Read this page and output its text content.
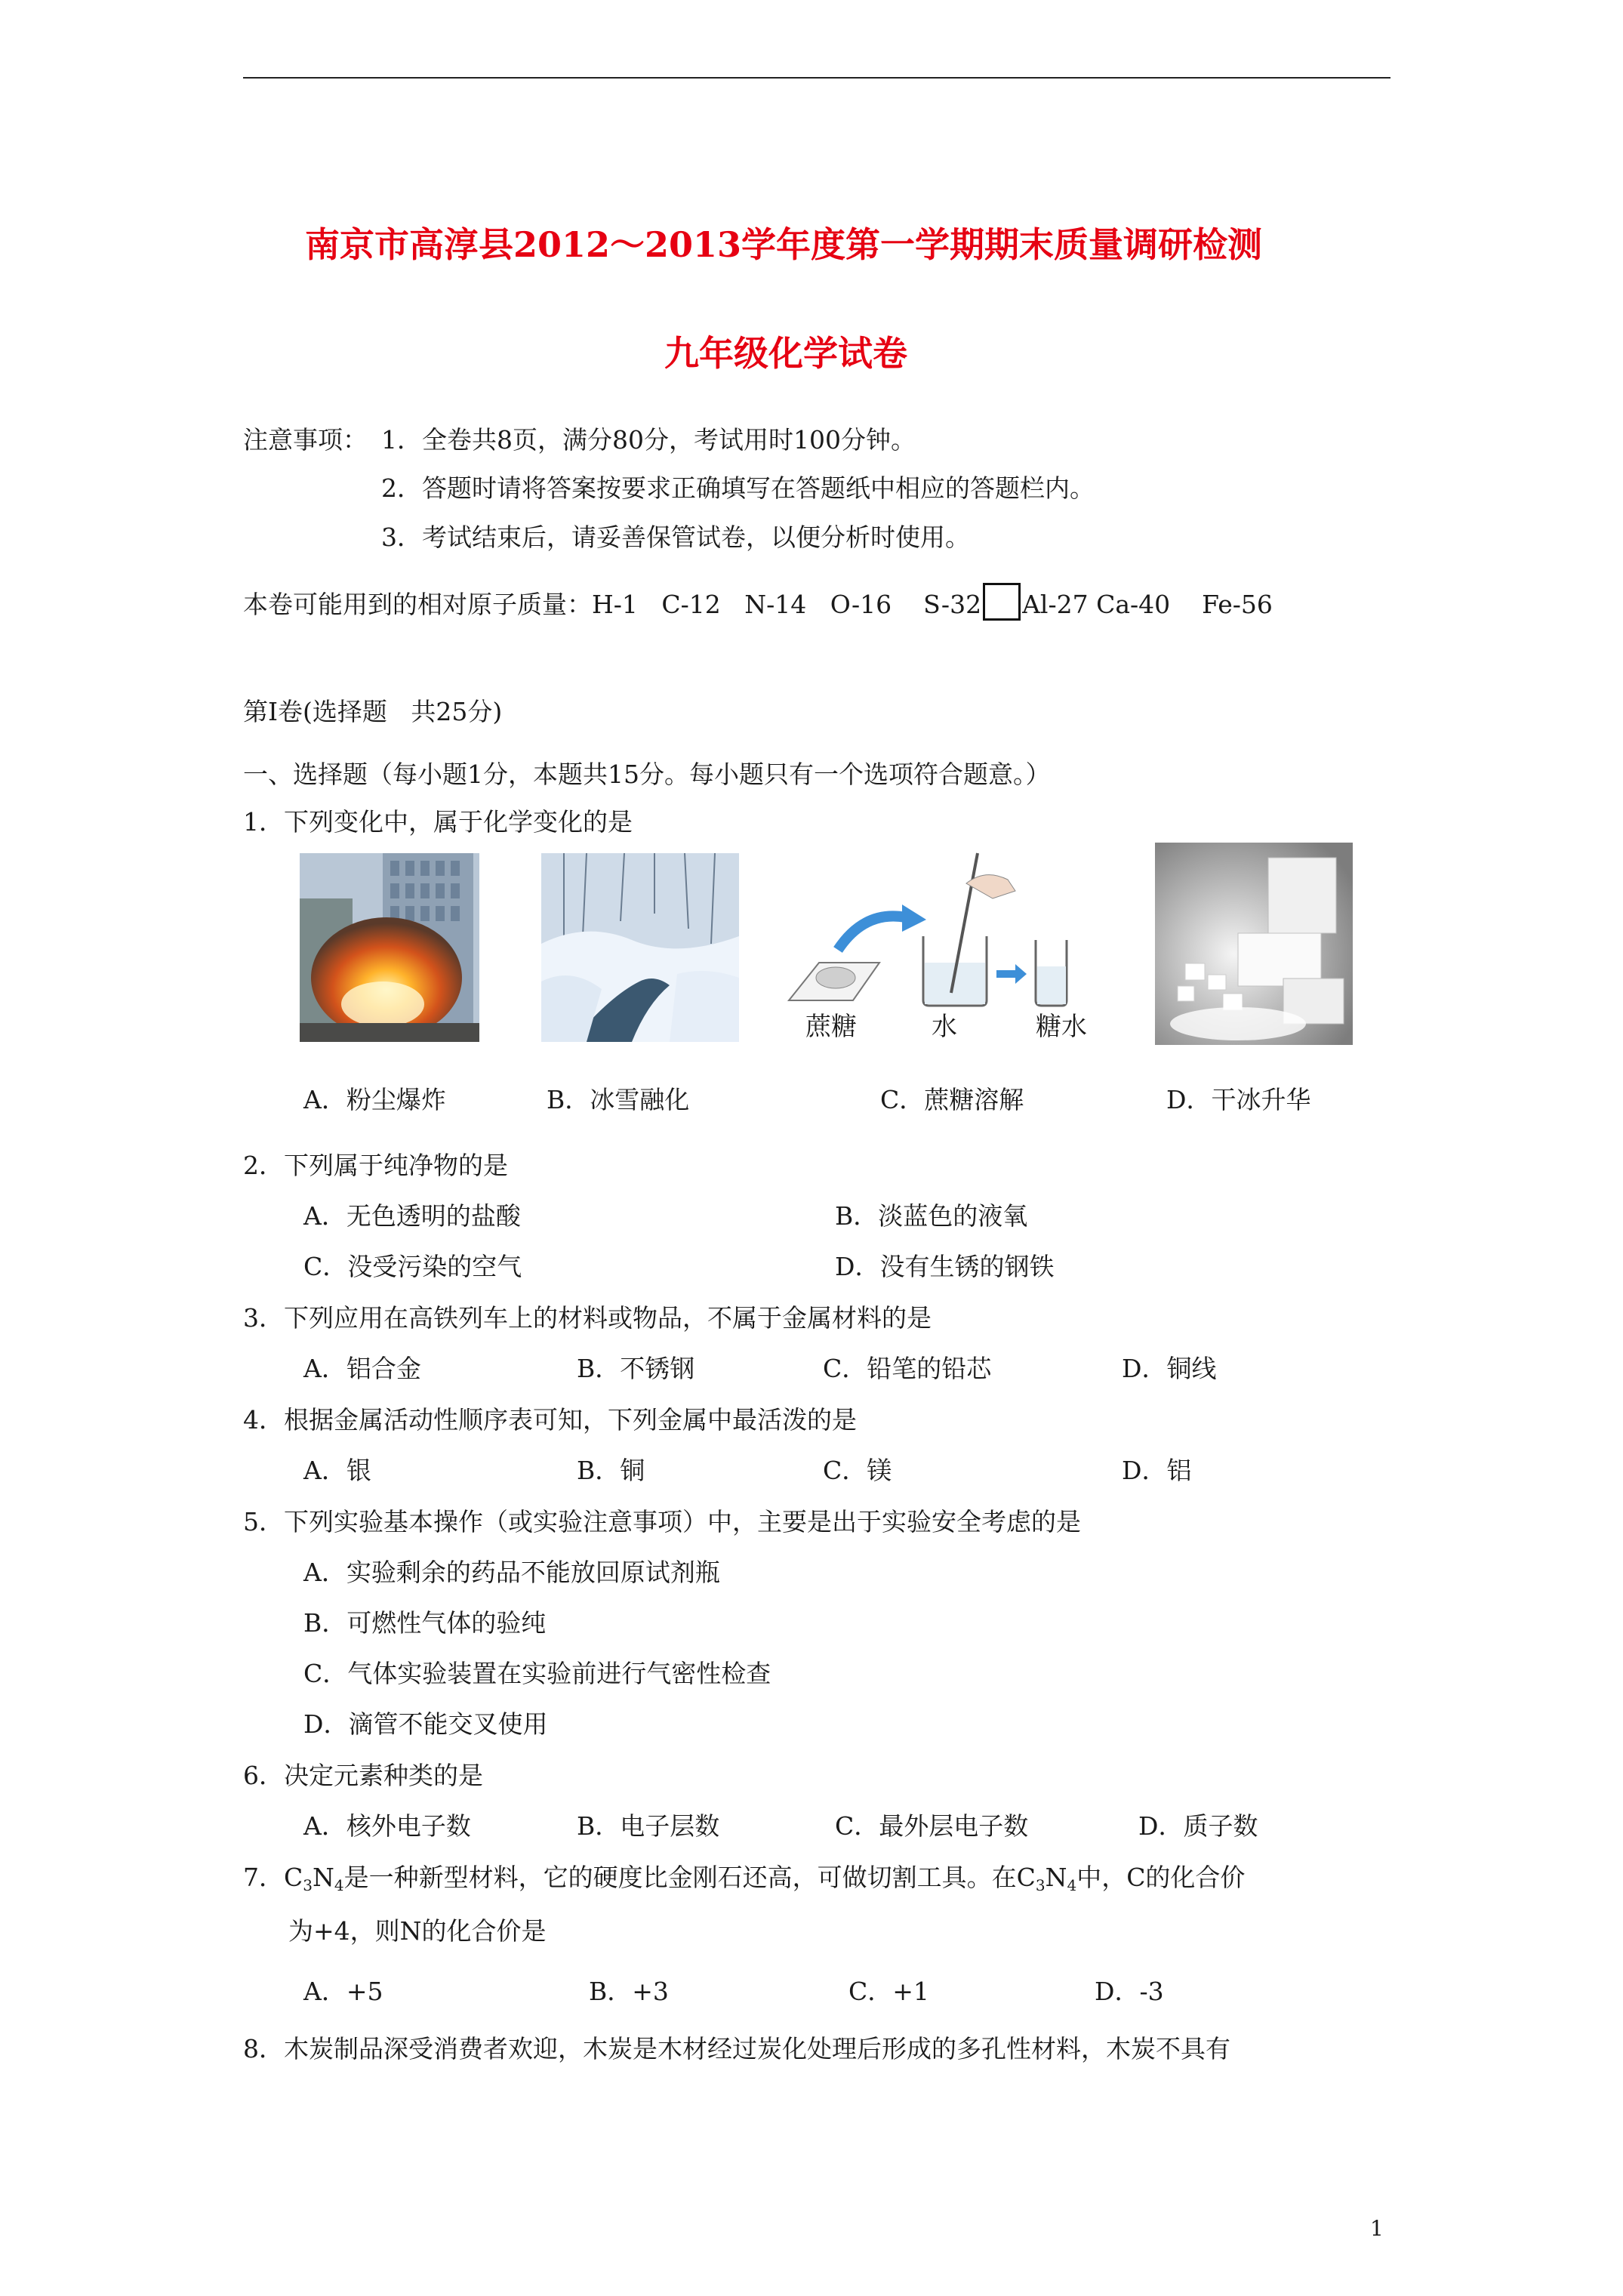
南京市高淳县2012～2013学年度第一学期期末质量调研检测
九年级化学试卷
注意事项： 1．全卷共8页，满分80分，考试用时100分钟。
2．答题时请将答案按要求正确填写在答题纸中相应的答题栏内。
3．考试结束后，请妥善保管试卷，以便分析时使用。
本卷可能用到的相对原子质量：H-1   C-12   N-14   O-16    S-32 Al-27 Ca-40    Fe-56
第Ⅰ卷(选择题   共25分)
一、选择题（每小题1分，本题共15分。每小题只有一个选项符合题意。）
1．下列变化中，属于化学变化的是
蔗糖	水	糖水
A．粉尘爆炸	B．冰雪融化	C．蔗糖溶解	D．干冰升华
2．下列属于纯净物的是
A．无色透明的盐酸	B．淡蓝色的液氧
C．没受污染的空气	D．没有生锈的钢铁
3．下列应用在高铁列车上的材料或物品，不属于金属材料的是
A．铝合金	B．不锈钢	C．铅笔的铅芯	D．铜线
4．根据金属活动性顺序表可知，下列金属中最活泼的是
A．银	B．铜	C．镁	D．铝
5．下列实验基本操作（或实验注意事项）中，主要是出于实验安全考虑的是
A．实验剩余的药品不能放回原试剂瓶
B．可燃性气体的验纯
C．气体实验装置在实验前进行气密性检查
D．滴管不能交叉使用
6．决定元素种类的是
A．核外电子数	B．电子层数	C．最外层电子数	D．质子数
7．$C_3N_4$是一种新型材料，它的硬度比金刚石还高，可做切割工具。在$C_3N_4$中，C的化合价
为+4，则N的化合价是
A．+5	B．+3	C．+1	D．-3
8．木炭制品深受消费者欢迎，木炭是木材经过炭化处理后形成的多孔性材料，木炭不具有
1
